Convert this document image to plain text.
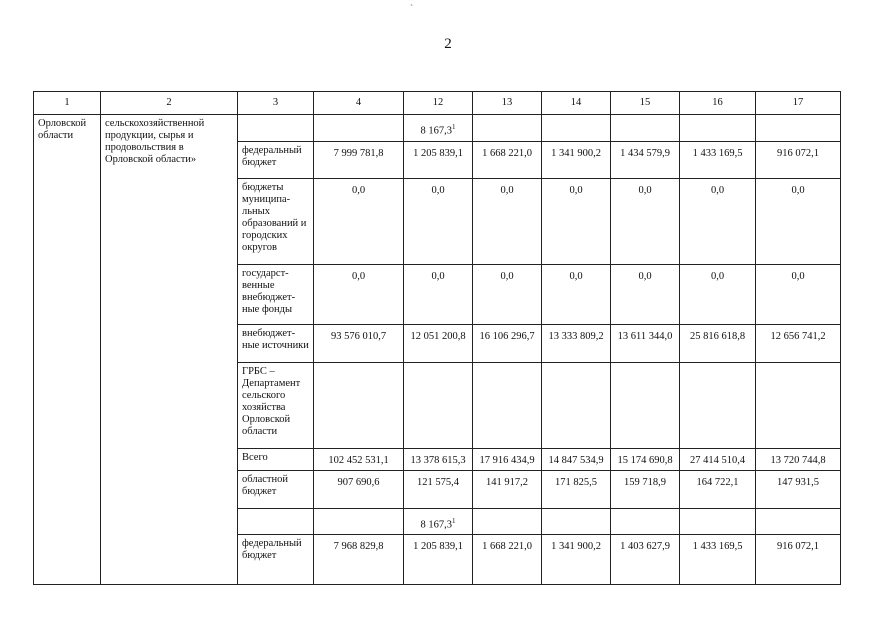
`
2
1	2	3	4	12	13	14	15	16	17
Орловской области	сельскохозяйственной продукции, сырья и продовольствия в Орловской области»			8 167,3$^1$					
		федеральный бюджет	7 999 781,8	1 205 839,1	1 668 221,0	1 341 900,2	1 434 579,9	1 433 169,5	916 072,1
		бюджеты муниципа-льных образований и городских округов	0,0	0,0	0,0	0,0	0,0	0,0	0,0
		государст-венные внебюджет-ные фонды	0,0	0,0	0,0	0,0	0,0	0,0	0,0
		внебюджет-ные источники	93 576 010,7	12 051 200,8	16 106 296,7	13 333 809,2	13 611 344,0	25 816 618,8	12 656 741,2
		ГРБС – Департамент сельского хозяйства Орловской области							
		Всего	102 452 531,1	13 378 615,3	17 916 434,9	14 847 534,9	15 174 690,8	27 414 510,4	13 720 744,8
		областной бюджет	907 690,6	121 575,4	141 917,2	171 825,5	159 718,9	164 722,1	147 931,5
				8 167,3$^1$					
		федеральный бюджет	7 968 829,8	1 205 839,1	1 668 221,0	1 341 900,2	1 403 627,9	1 433 169,5	916 072,1
